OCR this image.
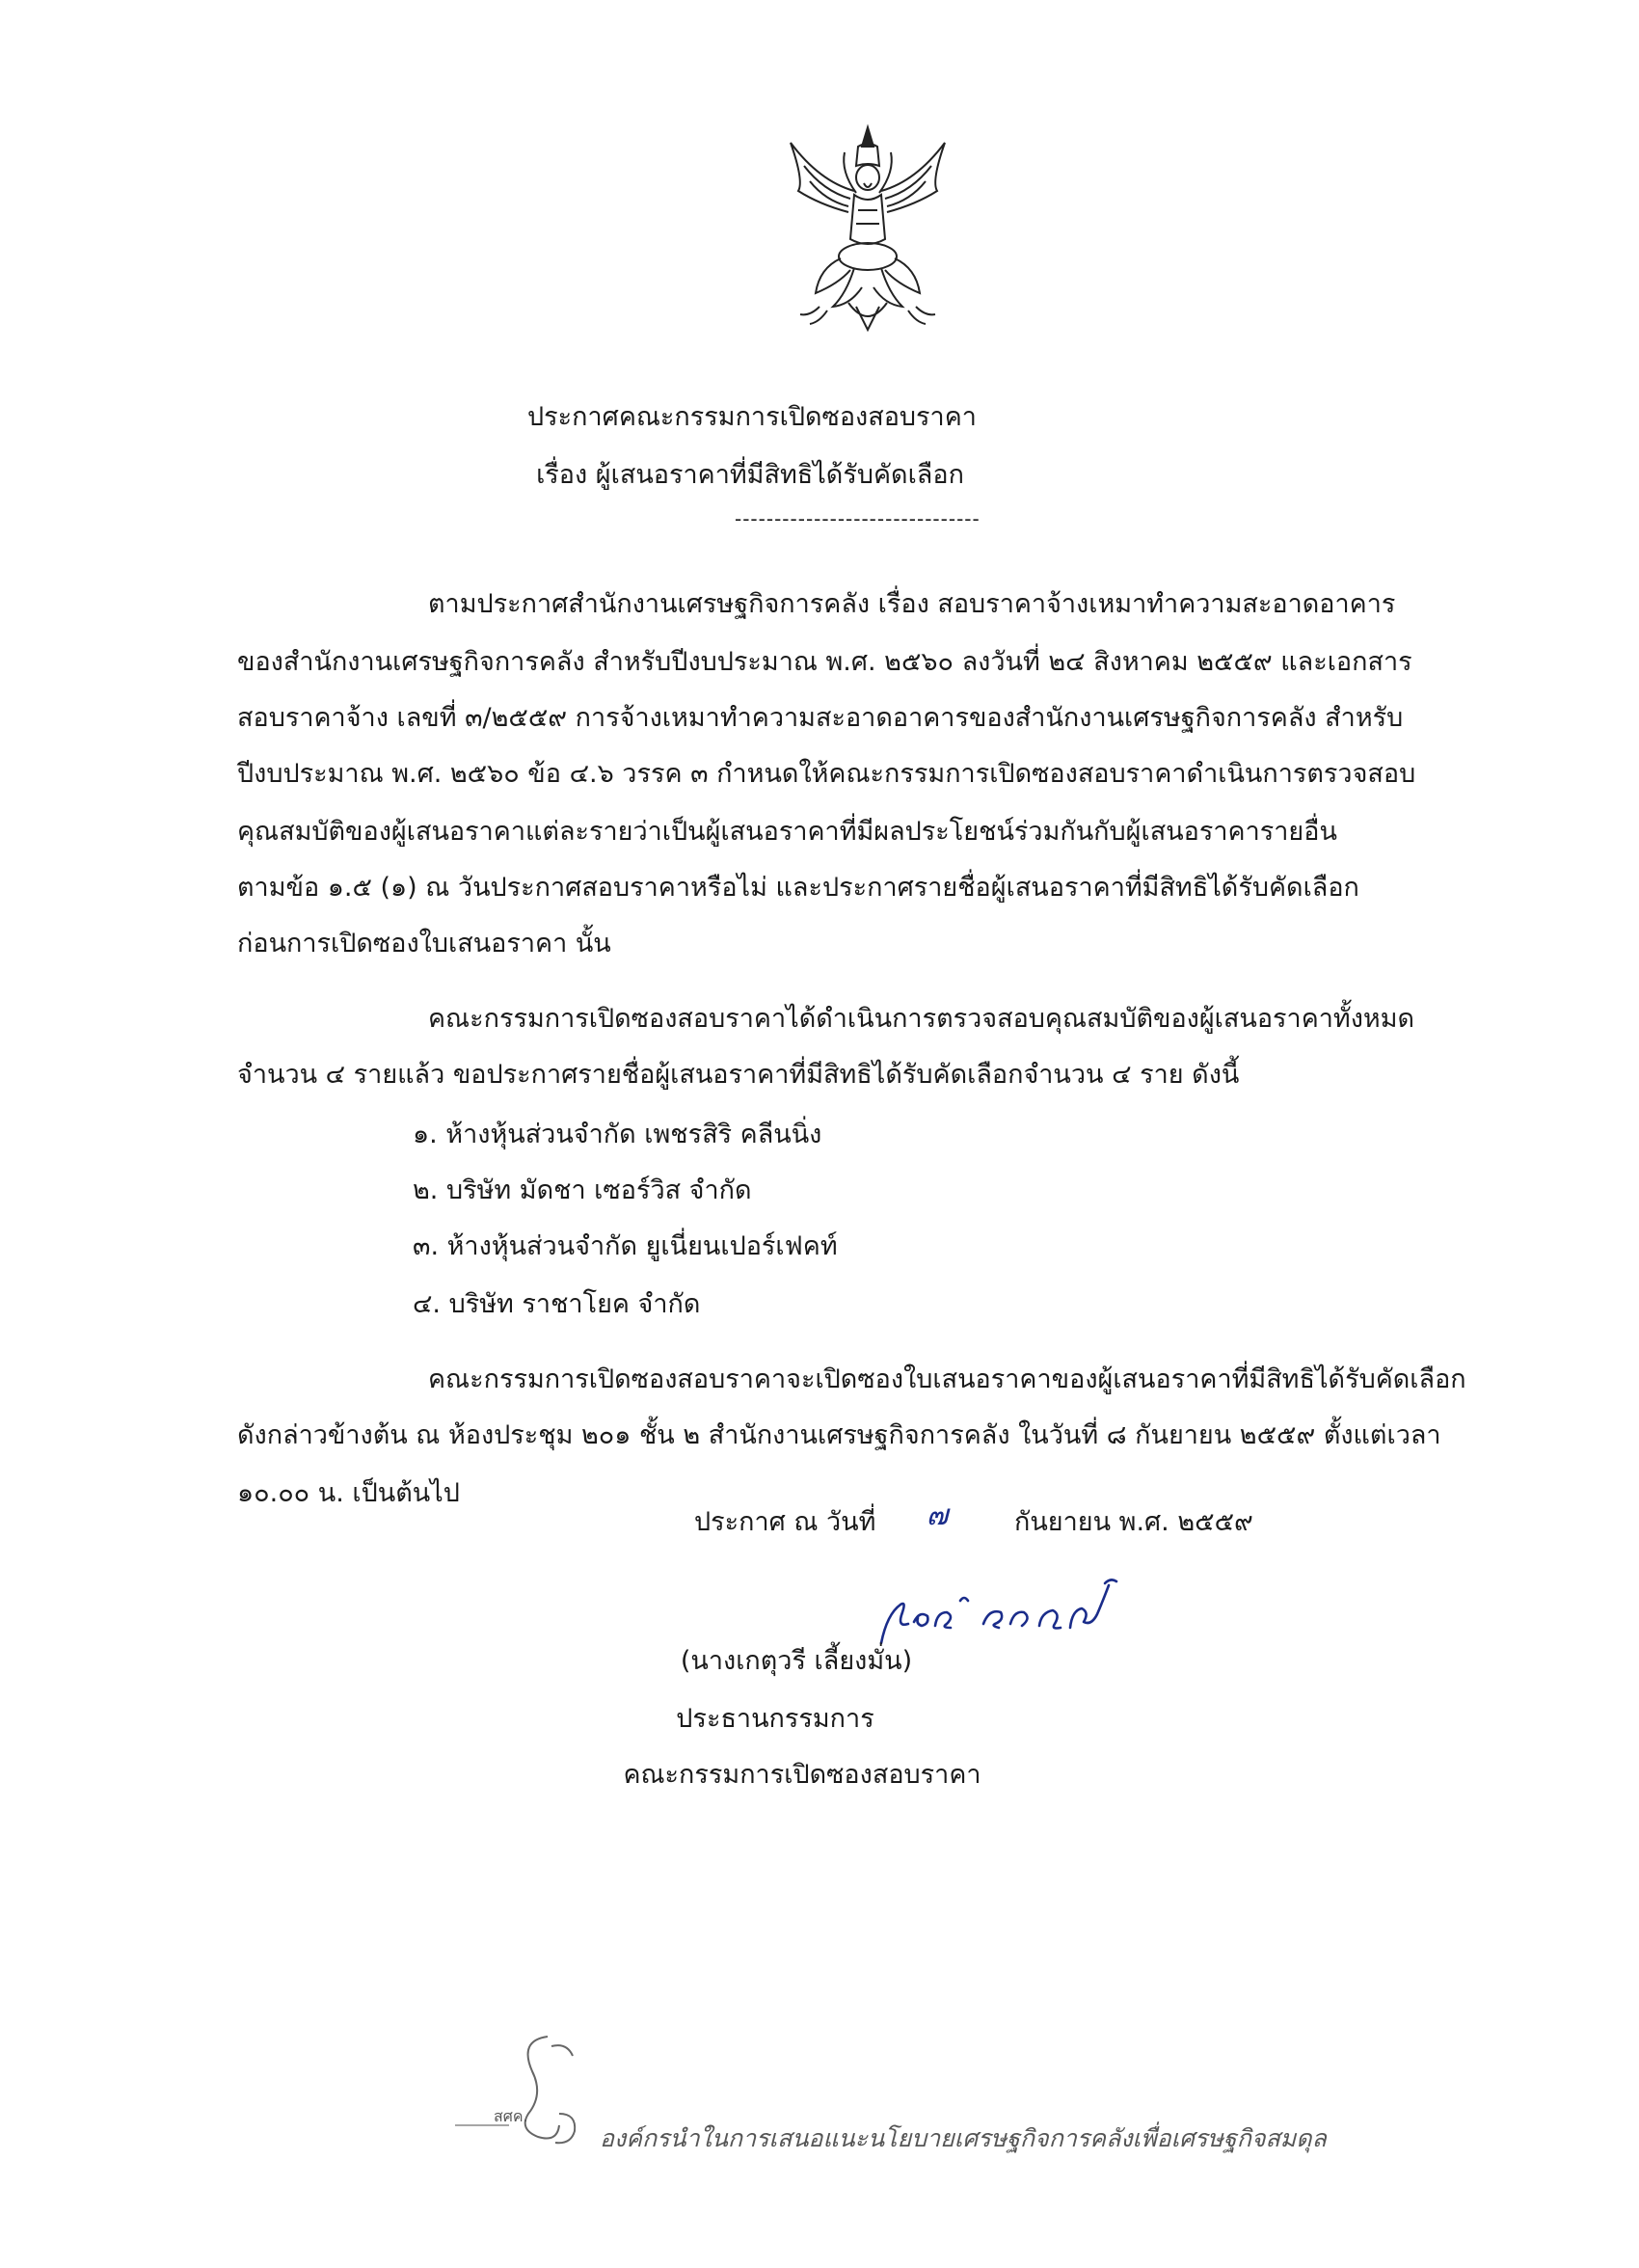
ประกาศคณะกรรมการเปิดซองสอบราคา
เรื่อง ผู้เสนอราคาที่มีสิทธิได้รับคัดเลือก
-------------------------------
ตามประกาศสำนักงานเศรษฐกิจการคลัง เรื่อง สอบราคาจ้างเหมาทำความสะอาดอาคาร
ของสำนักงานเศรษฐกิจการคลัง สำหรับปีงบประมาณ พ.ศ. ๒๕๖๐ ลงวันที่ ๒๔ สิงหาคม ๒๕๕๙ และเอกสาร
สอบราคาจ้าง เลขที่ ๓/๒๕๕๙ การจ้างเหมาทำความสะอาดอาคารของสำนักงานเศรษฐกิจการคลัง สำหรับ
ปีงบประมาณ พ.ศ. ๒๕๖๐ ข้อ ๔.๖ วรรค ๓ กำหนดให้คณะกรรมการเปิดซองสอบราคาดำเนินการตรวจสอบ
คุณสมบัติของผู้เสนอราคาแต่ละรายว่าเป็นผู้เสนอราคาที่มีผลประโยชน์ร่วมกันกับผู้เสนอราคารายอื่น
ตามข้อ ๑.๕ (๑) ณ วันประกาศสอบราคาหรือไม่ และประกาศรายชื่อผู้เสนอราคาที่มีสิทธิได้รับคัดเลือก
ก่อนการเปิดซองใบเสนอราคา นั้น
คณะกรรมการเปิดซองสอบราคาได้ดำเนินการตรวจสอบคุณสมบัติของผู้เสนอราคาทั้งหมด
จำนวน ๔ รายแล้ว ขอประกาศรายชื่อผู้เสนอราคาที่มีสิทธิได้รับคัดเลือกจำนวน ๔ ราย ดังนี้
๑. ห้างหุ้นส่วนจำกัด เพชรสิริ คลีนนิ่ง
๒. บริษัท มัดชา เซอร์วิส จำกัด
๓. ห้างหุ้นส่วนจำกัด ยูเนี่ยนเปอร์เฟคท์
๔. บริษัท ราชาโยค จำกัด
คณะกรรมการเปิดซองสอบราคาจะเปิดซองใบเสนอราคาของผู้เสนอราคาที่มีสิทธิได้รับคัดเลือก
ดังกล่าวข้างต้น ณ ห้องประชุม ๒๐๑ ชั้น ๒ สำนักงานเศรษฐกิจการคลัง ในวันที่ ๘ กันยายน ๒๕๕๙ ตั้งแต่เวลา
๑๐.๐๐ น. เป็นต้นไป
ประกาศ ณ วันที่	๗	กันยายน พ.ศ. ๒๕๕๙
(นางเกตุวรี เลี้ยงมั่น)
ประธานกรรมการ
คณะกรรมการเปิดซองสอบราคา
สศค.
องค์กรนำในการเสนอแนะนโยบายเศรษฐกิจการคลังเพื่อเศรษฐกิจสมดุล
